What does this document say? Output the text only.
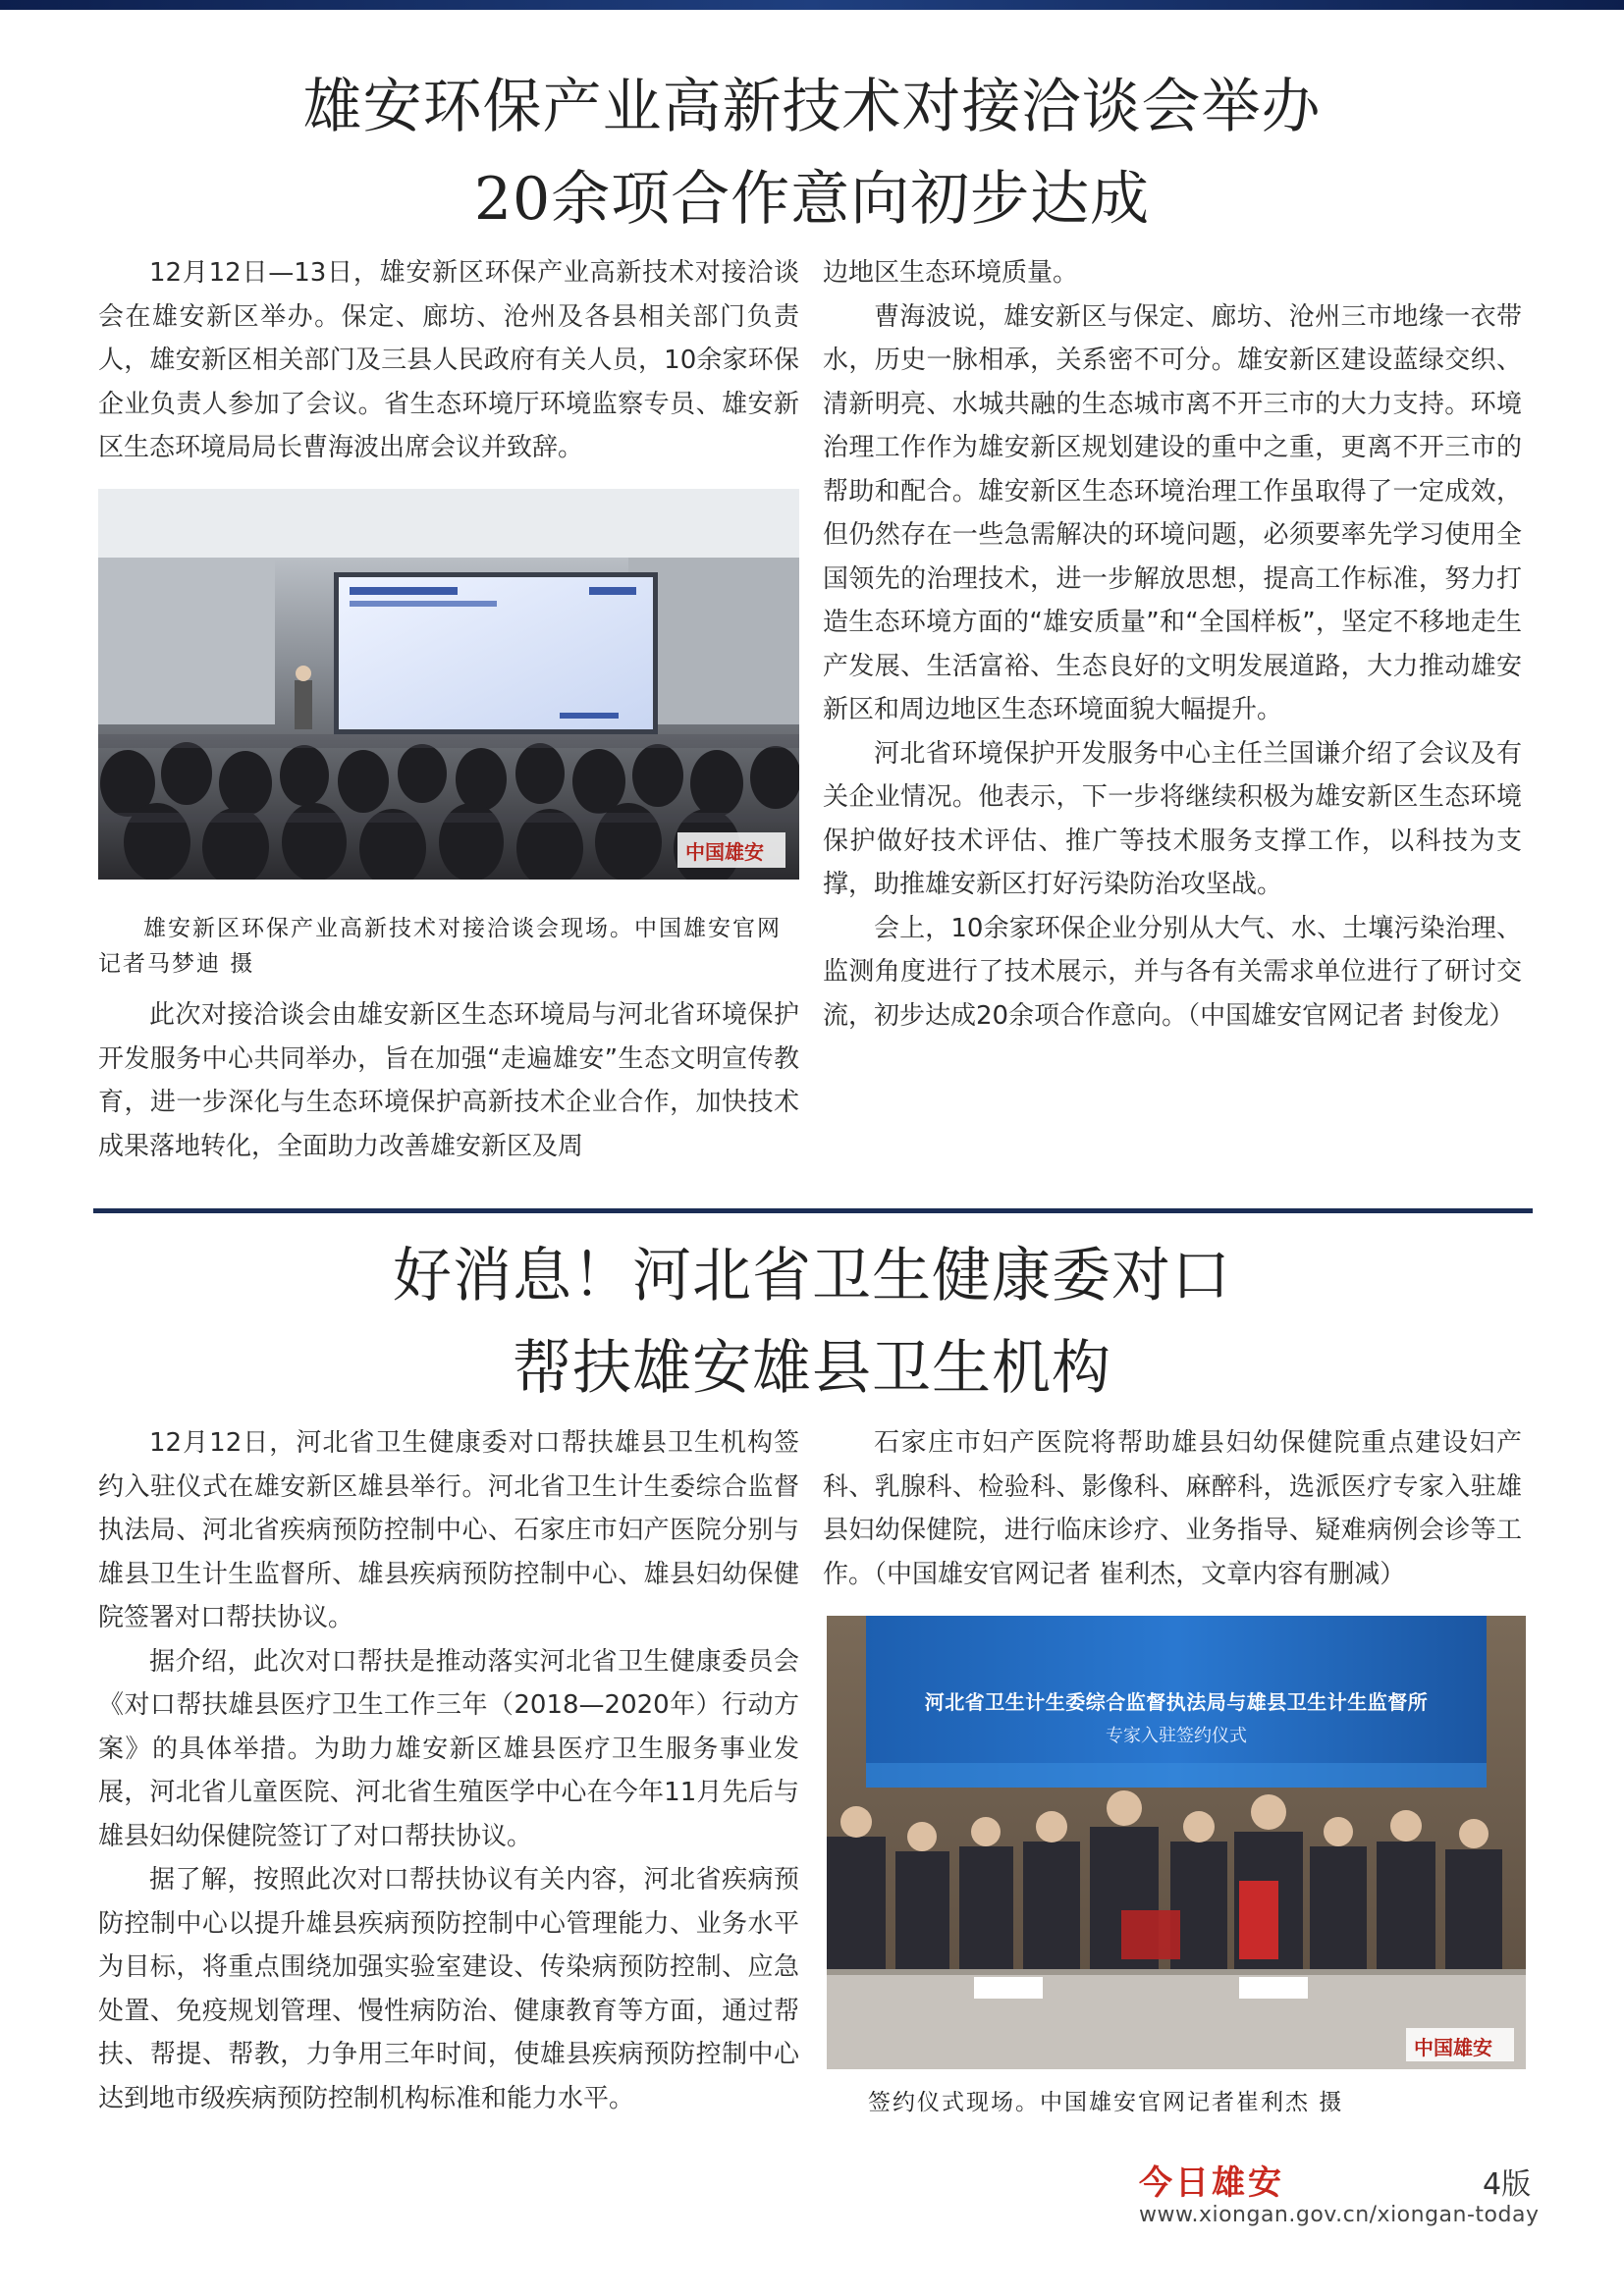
雄安环保产业高新技术对接洽谈会举办
20余项合作意向初步达成

12月12日—13日，雄安新区环保产业高新技术对接洽谈会在雄安新区举办。保定、廊坊、沧州及各县相关部门负责人，雄安新区相关部门及三县人民政府有关人员，10余家环保企业负责人参加了会议。省生态环境厅环境监察专员、雄安新区生态环境局局长曹海波出席会议并致辞。

中国雄安

雄安新区环保产业高新技术对接洽谈会现场。中国雄安官网记者马梦迪 摄

此次对接洽谈会由雄安新区生态环境局与河北省环境保护开发服务中心共同举办，旨在加强“走遍雄安”生态文明宣传教育，进一步深化与生态环境保护高新技术企业合作，加快技术成果落地转化，全面助力改善雄安新区及周

边地区生态环境质量。

曹海波说，雄安新区与保定、廊坊、沧州三市地缘一衣带水，历史一脉相承，关系密不可分。雄安新区建设蓝绿交织、清新明亮、水城共融的生态城市离不开三市的大力支持。环境治理工作作为雄安新区规划建设的重中之重，更离不开三市的帮助和配合。雄安新区生态环境治理工作虽取得了一定成效，但仍然存在一些急需解决的环境问题，必须要率先学习使用全国领先的治理技术，进一步解放思想，提高工作标准，努力打造生态环境方面的“雄安质量”和“全国样板”，坚定不移地走生产发展、生活富裕、生态良好的文明发展道路，大力推动雄安新区和周边地区生态环境面貌大幅提升。

河北省环境保护开发服务中心主任兰国谦介绍了会议及有关企业情况。他表示，下一步将继续积极为雄安新区生态环境保护做好技术评估、推广等技术服务支撑工作，以科技为支撑，助推雄安新区打好污染防治攻坚战。

会上，10余家环保企业分别从大气、水、土壤污染治理、监测角度进行了技术展示，并与各有关需求单位进行了研讨交流，初步达成20余项合作意向。（中国雄安官网记者 封俊龙）

好消息！河北省卫生健康委对口
帮扶雄安雄县卫生机构

12月12日，河北省卫生健康委对口帮扶雄县卫生机构签约入驻仪式在雄安新区雄县举行。河北省卫生计生委综合监督执法局、河北省疾病预防控制中心、石家庄市妇产医院分别与雄县卫生计生监督所、雄县疾病预防控制中心、雄县妇幼保健院签署对口帮扶协议。

据介绍，此次对口帮扶是推动落实河北省卫生健康委员会《对口帮扶雄县医疗卫生工作三年（2018—2020年）行动方案》的具体举措。为助力雄安新区雄县医疗卫生服务事业发展，河北省儿童医院、河北省生殖医学中心在今年11月先后与雄县妇幼保健院签订了对口帮扶协议。

据了解，按照此次对口帮扶协议有关内容，河北省疾病预防控制中心以提升雄县疾病预防控制中心管理能力、业务水平为目标，将重点围绕加强实验室建设、传染病预防控制、应急处置、免疫规划管理、慢性病防治、健康教育等方面，通过帮扶、帮提、帮教，力争用三年时间，使雄县疾病预防控制中心达到地市级疾病预防控制机构标准和能力水平。

石家庄市妇产医院将帮助雄县妇幼保健院重点建设妇产科、乳腺科、检验科、影像科、麻醉科，选派医疗专家入驻雄县妇幼保健院，进行临床诊疗、业务指导、疑难病例会诊等工作。（中国雄安官网记者 崔利杰，文章内容有删减）

河北省卫生计生委综合监督执法局与雄县卫生计生监督所
专家入驻签约仪式
中国雄安

签约仪式现场。中国雄安官网记者崔利杰 摄

今日雄安	4版
www.xiongan.gov.cn/xiongan-today
